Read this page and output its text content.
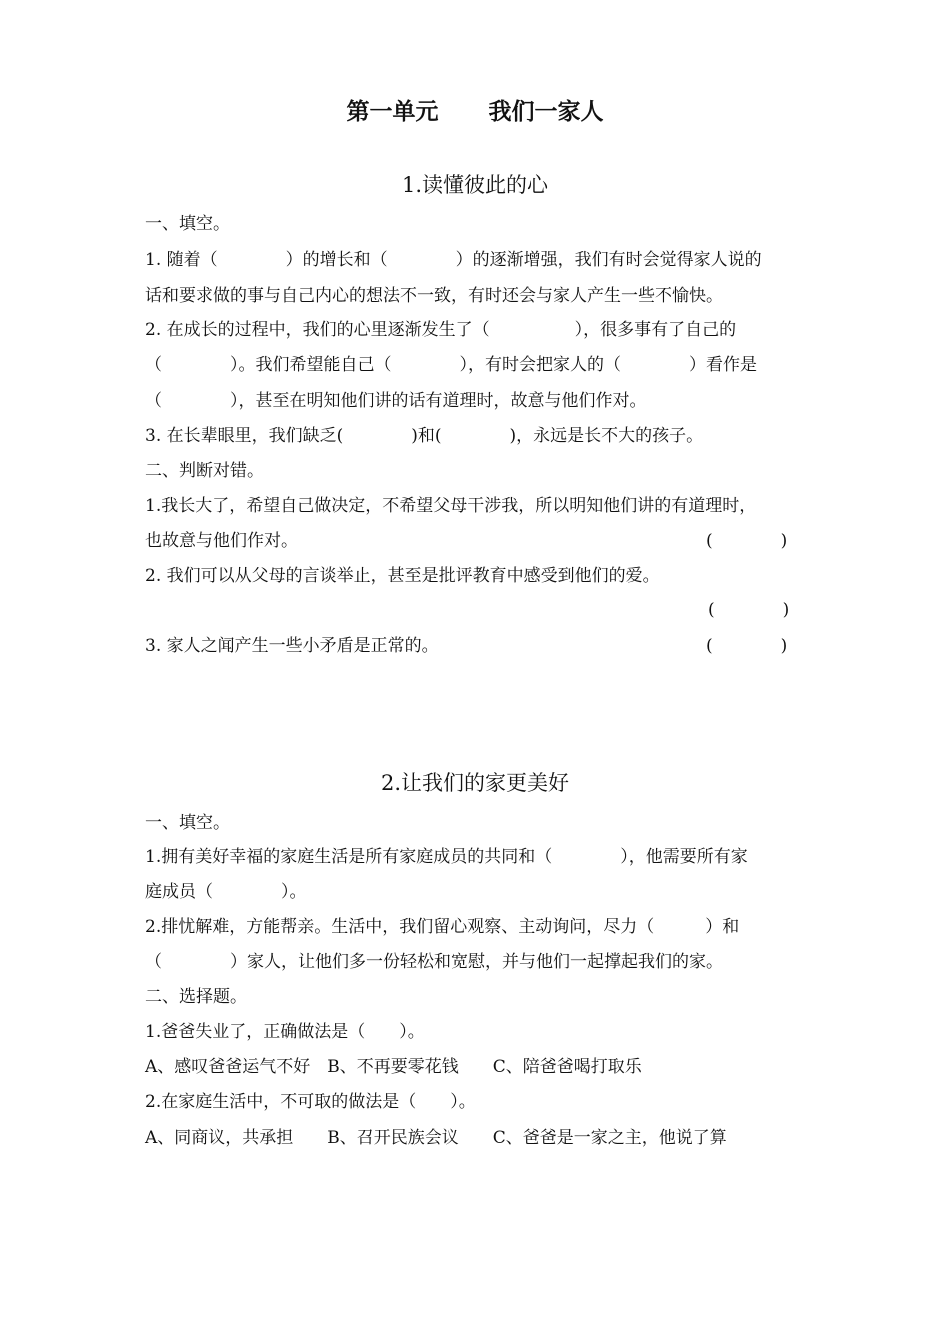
第一单元 我们一家人
1.读懂彼此的心
一、填空。
1. 随着（　　　　）的增长和（　　　　）的逐渐增强，我们有时会觉得家人说的
话和要求做的事与自己内心的想法不一致，有时还会与家人产生一些不愉快。
2. 在成长的过程中，我们的心里逐渐发生了（　　　　　），很多事有了自己的
（　　　　）。我们希望能自己（　　　　），有时会把家人的（　　　　）看作是
（　　　　），甚至在明知他们讲的话有道理时，故意与他们作对。
3. 在长辈眼里，我们缺乏(　　　　)和(　　　　)，永远是长不大的孩子。
二、判断对错。
1.我长大了，希望自己做决定，不希望父母干涉我，所以明知他们讲的有道理时，
也故意与他们作对。	(　　　　)
2. 我们可以从父母的言谈举止，甚至是批评教育中感受到他们的爱。
(　　　　)
3. 家人之闻产生一些小矛盾是正常的。	(　　　　)
2.让我们的家更美好
一、填空。
1.拥有美好幸福的家庭生活是所有家庭成员的共同和（　　　　），他需要所有家
庭成员（　　　　）。
2.排忧解难，方能帮亲。生活中，我们留心观察、主动询问，尽力（　　　）和
（　　　　）家人，让他们多一份轻松和宽慰，并与他们一起撑起我们的家。
二、选择题。
1.爸爸失业了，正确做法是（　　）。
A、感叹爸爸运气不好　B、不再要零花钱　　C、陪爸爸喝打取乐
2.在家庭生活中，不可取的做法是（　　）。
A、同商议，共承担　　B、召开民族会议　　C、爸爸是一家之主，他说了算
